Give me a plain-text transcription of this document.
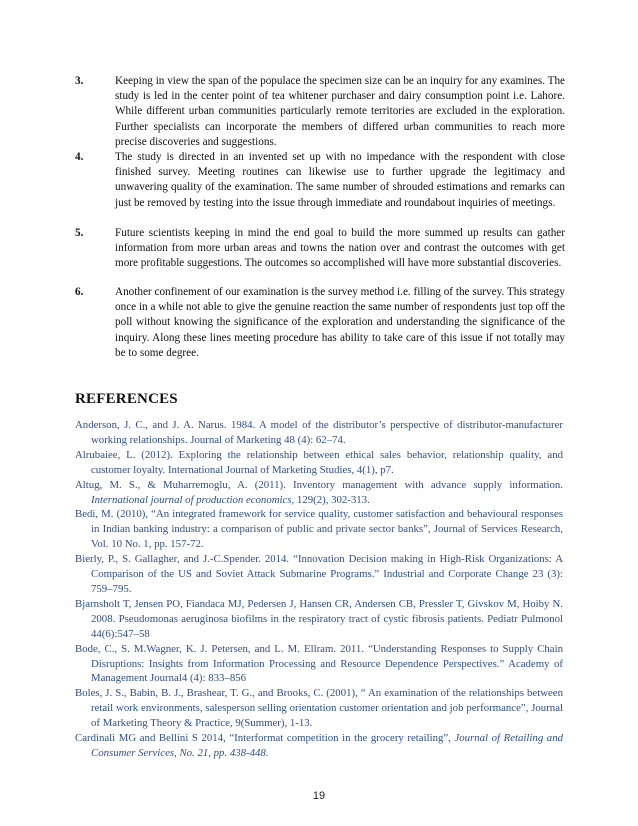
3.	Keeping in view the span of the populace the specimen size can be an inquiry for any examines. The study is led in the center point of tea whitener purchaser and dairy consumption point i.e. Lahore. While different urban communities particularly remote territories are excluded in the exploration. Further specialists can incorporate the members of differed urban communities to reach more precise discoveries and suggestions.
4.	The study is directed in an invented set up with no impedance with the respondent with close finished survey. Meeting routines can likewise use to further upgrade the legitimacy and unwavering quality of the examination. The same number of shrouded estimations and remarks can just be removed by testing into the issue through immediate and roundabout inquiries of meetings.
5.	Future scientists keeping in mind the end goal to build the more summed up results can gather information from more urban areas and towns the nation over and contrast the outcomes with get more profitable suggestions. The outcomes so accomplished will have more substantial discoveries.
6.	Another confinement of our examination is the survey method i.e. filling of the survey. This strategy once in a while not able to give the genuine reaction the same number of respondents just top off the poll without knowing the significance of the exploration and understanding the significance of the inquiry. Along these lines meeting procedure has ability to take care of this issue if not totally may be to some degree.
REFERENCES

Anderson, J. C., and J. A. Narus. 1984. A model of the distributor’s perspective of distributor-manufacturer working relationships. Journal of Marketing 48 (4): 62–74.

Alrubaiee, L. (2012). Exploring the relationship between ethical sales behavior, relationship quality, and customer loyalty. International Journal of Marketing Studies, 4(1), p7.

Altug, M. S., & Muharremoglu, A. (2011). Inventory management with advance supply information. International journal of production economics, 129(2), 302-313.

Bedi, M. (2010), “An integrated framework for service quality, customer satisfaction and behavioural responses in Indian banking industry: a comparison of public and private sector banks”, Journal of Services Research, Vol. 10 No. 1, pp. 157-72.

Bierly, P., S. Gallagher, and J.-C.Spender. 2014. “Innovation Decision making in High-Risk Organizations: A Comparison of the US and Soviet Attack Submarine Programs.” Industrial and Corporate Change 23 (3): 759–795.

Bjarnsholt T, Jensen PO, Fiandaca MJ, Pedersen J, Hansen CR, Andersen CB, Pressler T, Givskov M, Hoiby N. 2008. Pseudomonas aeruginosa biofilms in the respiratory tract of cystic fibrosis patients. Pediatr Pulmonol 44(6):547–58

Bode, C., S. M.Wagner, K. J. Petersen, and L. M. Ellram. 2011. “Understanding Responses to Supply Chain Disruptions: Insights from Information Processing and Resource Dependence Perspectives.” Academy of Management Journal4 (4): 833–856

Boles, J. S., Babin, B. J., Brashear, T. G., and Brooks, C. (2001), “ An examination of the relationships between retail work environments, salesperson selling orientation customer orientation and job performance”, Journal of Marketing Theory & Practice, 9(Summer), 1-13.

Cardinali MG and Bellini S 2014, “Interformat competition in the grocery retailing”, Journal of Retailing and Consumer Services, No. 21, pp. 438-448.

19
